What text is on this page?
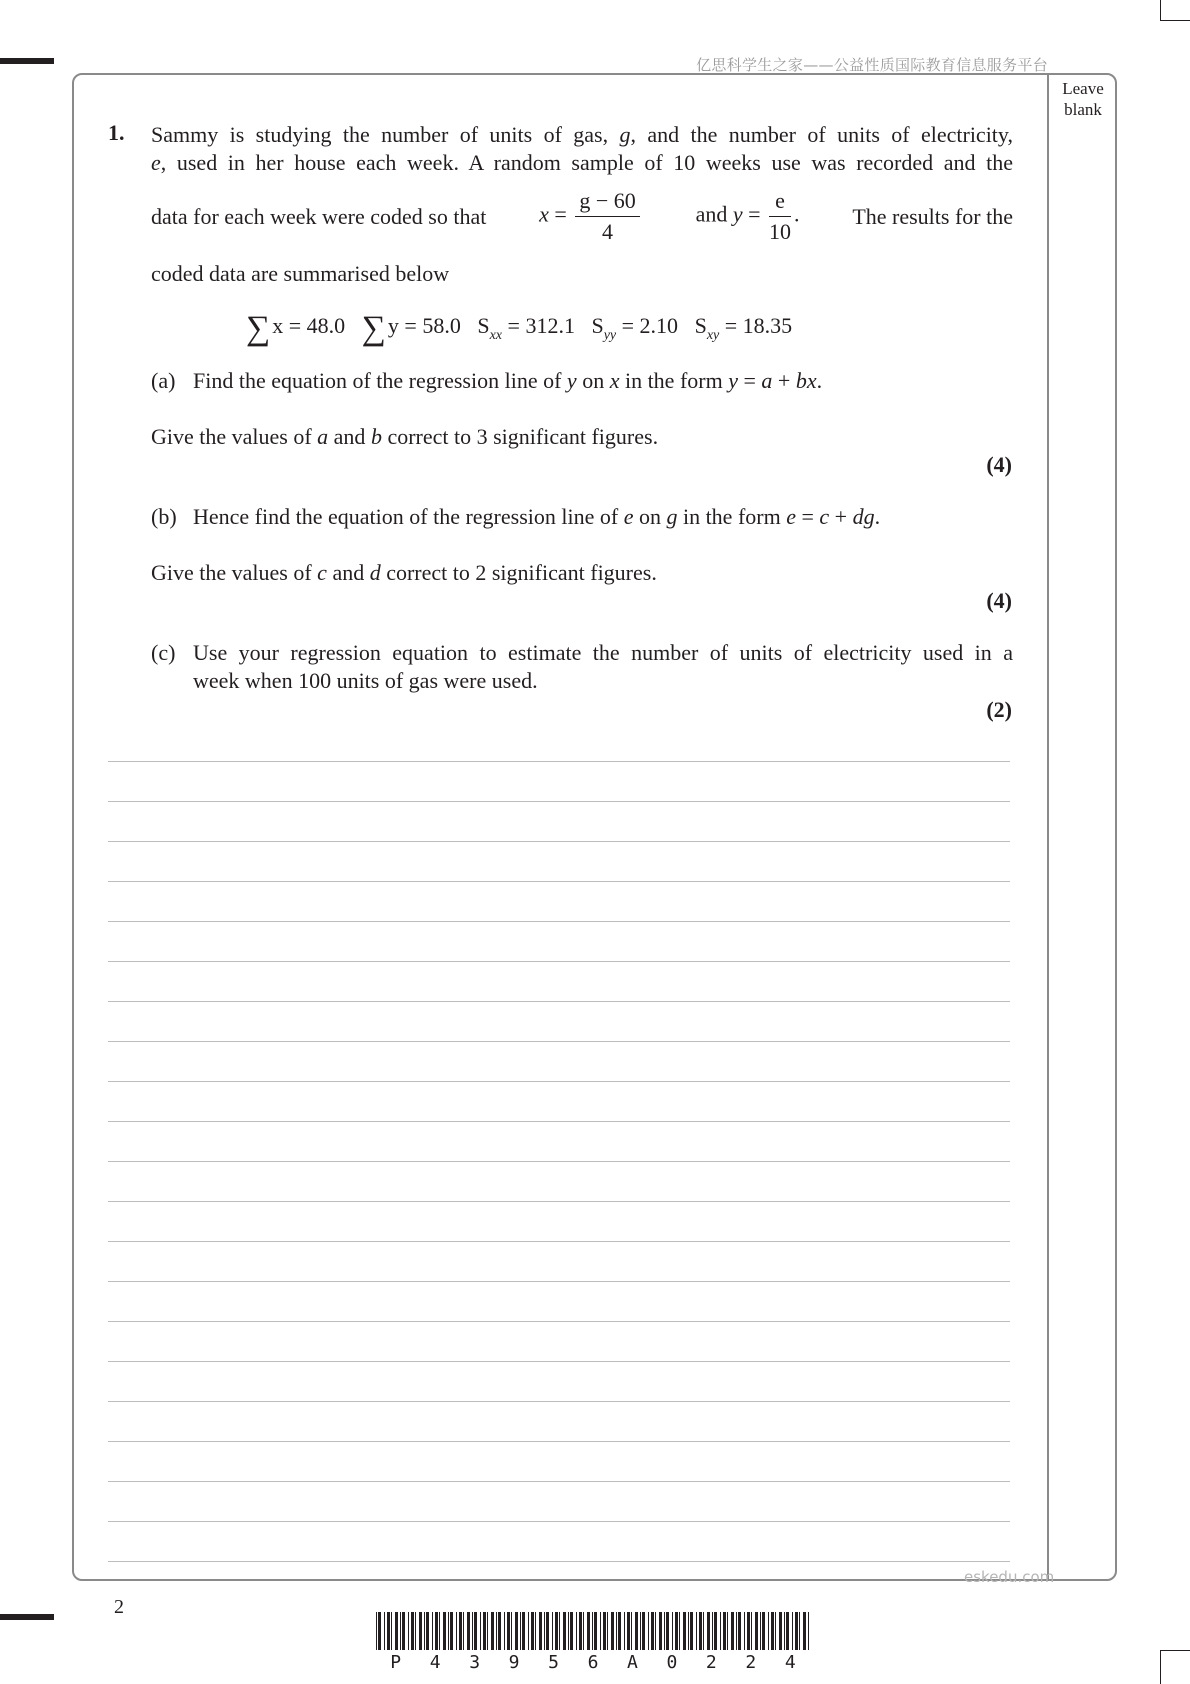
亿思科学生之家——公益性质国际教育信息服务平台
Leave
blank
1. Sammy is studying the number of units of gas, g, and the number of units of electricity,
e, used in her house each week. A random sample of 10 weeks use was recorded and the
data for each week were coded so that $x = \frac{g - 60}{4}$	and $y = \frac{e}{10}$ . The results for the
coded data are summarised below
∑x = 48.0 ∑y = 58.0 $S_{xx} = 312.1$ $S_{yy} = 2.10$ $S_{xy} = 18.35$
(a) Find the equation of the regression line of y on x in the form y = a + bx.
Give the values of a and b correct to 3 significant figures.
(4)
(b) Hence find the equation of the regression line of e on g in the form e = c + dg.
Give the values of c and d correct to 2 significant figures.
(4)
(c) Use your regression equation to estimate the number of units of electricity used in a
week when 100 units of gas were used.
(2)
eskedu.com
2
P 4 3 9 5 6 A 0 2 2 4
